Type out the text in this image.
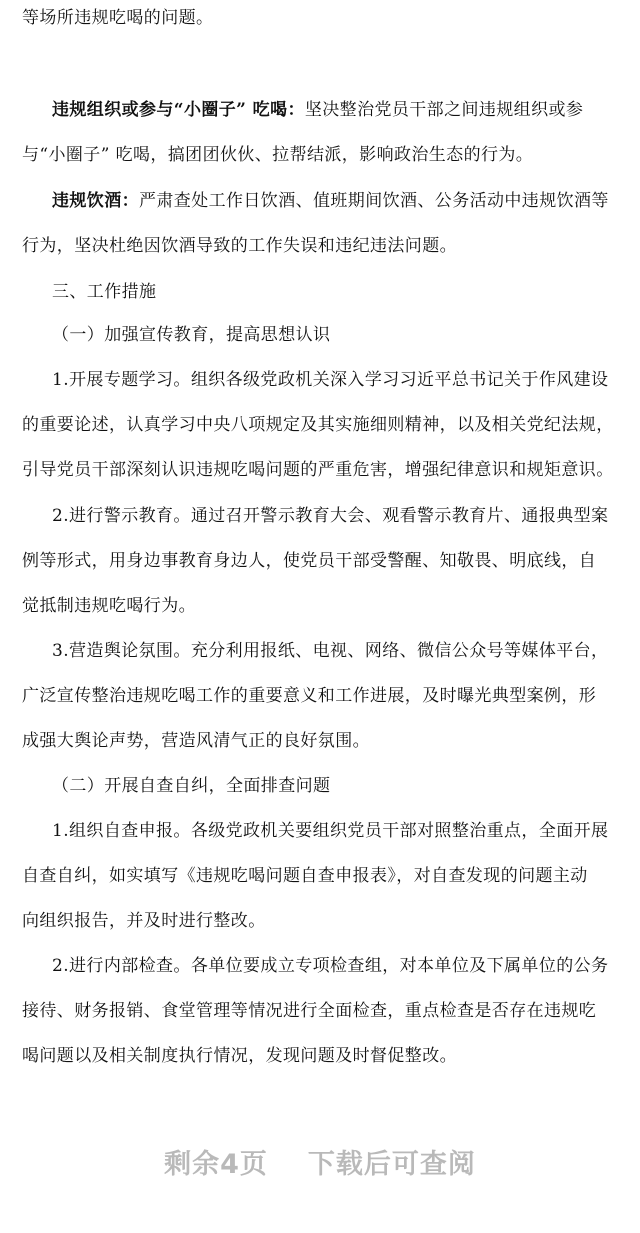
等场所违规吃喝的问题。
违规组织或参与“小圈子” 吃喝：坚决整治党员干部之间违规组织或参
与“小圈子” 吃喝，搞团团伙伙、拉帮结派，影响政治生态的行为。
违规饮酒：严肃查处工作日饮酒、值班期间饮酒、公务活动中违规饮酒等
行为，坚决杜绝因饮酒导致的工作失误和违纪违法问题。
三、工作措施
（一）加强宣传教育，提高思想认识
1.开展专题学习。组织各级党政机关深入学习习近平总书记关于作风建设
的重要论述，认真学习中央八项规定及其实施细则精神，以及相关党纪法规，
引导党员干部深刻认识违规吃喝问题的严重危害，增强纪律意识和规矩意识。
2.进行警示教育。通过召开警示教育大会、观看警示教育片、通报典型案
例等形式，用身边事教育身边人，使党员干部受警醒、知敬畏、明底线，自
觉抵制违规吃喝行为。
3.营造舆论氛围。充分利用报纸、电视、网络、微信公众号等媒体平台，
广泛宣传整治违规吃喝工作的重要意义和工作进展，及时曝光典型案例，形
成强大舆论声势，营造风清气正的良好氛围。
（二）开展自查自纠，全面排查问题
1.组织自查申报。各级党政机关要组织党员干部对照整治重点，全面开展
自查自纠，如实填写《违规吃喝问题自查申报表》，对自查发现的问题主动
向组织报告，并及时进行整改。
2.进行内部检查。各单位要成立专项检查组，对本单位及下属单位的公务
接待、财务报销、食堂管理等情况进行全面检查，重点检查是否存在违规吃
喝问题以及相关制度执行情况，发现问题及时督促整改。
剩余4页 下载后可查阅
